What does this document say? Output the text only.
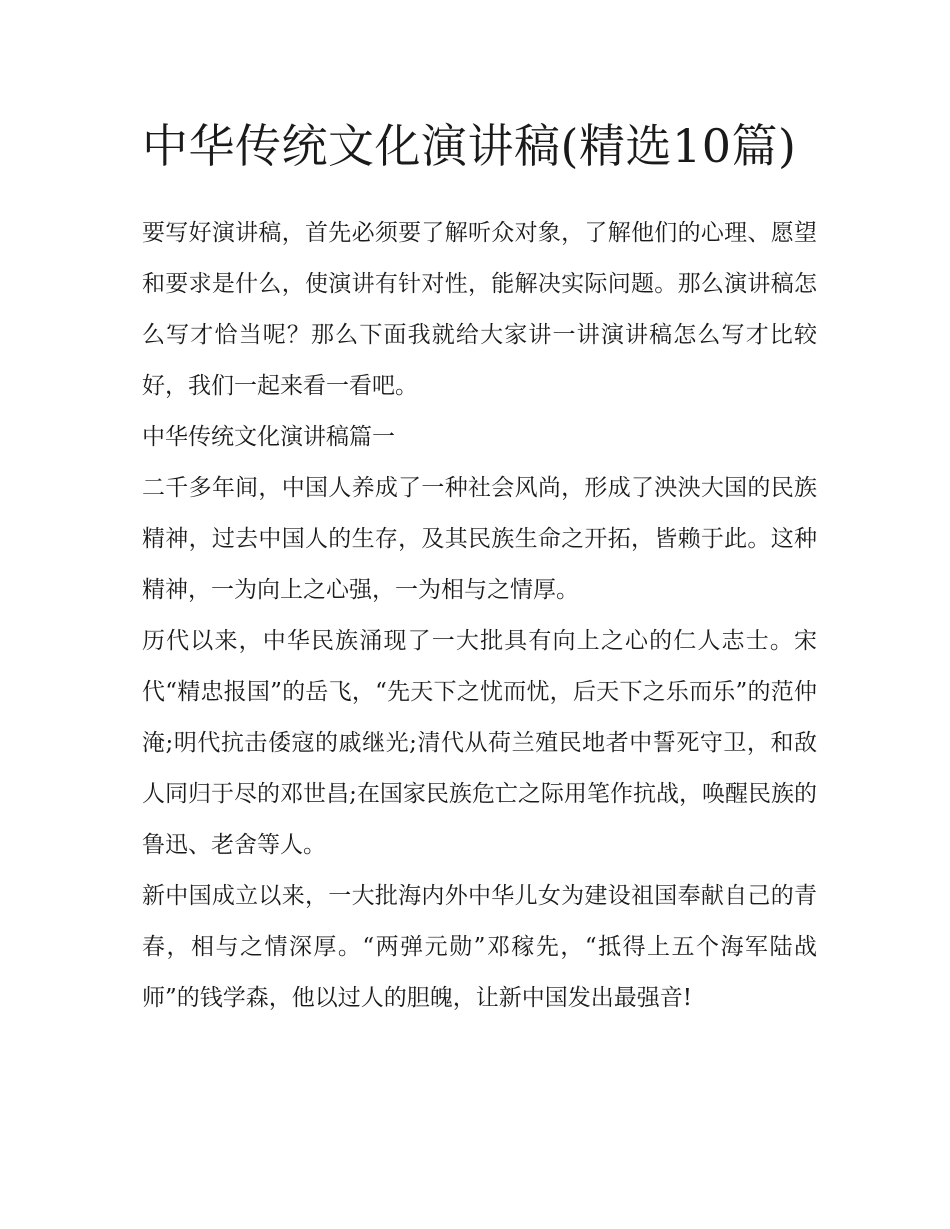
中华传统文化演讲稿(精选10篇)

要写好演讲稿，首先必须要了解听众对象，了解他们的心理、愿望和要求是什么，使演讲有针对性，能解决实际问题。那么演讲稿怎么写才恰当呢？那么下面我就给大家讲一讲演讲稿怎么写才比较好，我们一起来看一看吧。

中华传统文化演讲稿篇一

二千多年间，中国人养成了一种社会风尚，形成了泱泱大国的民族精神，过去中国人的生存，及其民族生命之开拓，皆赖于此。这种精神，一为向上之心强，一为相与之情厚。

历代以来，中华民族涌现了一大批具有向上之心的仁人志士。宋代“精忠报国”的岳飞，“先天下之忧而忧，后天下之乐而乐”的范仲淹;明代抗击倭寇的戚继光;清代从荷兰殖民地者中誓死守卫，和敌人同归于尽的邓世昌;在国家民族危亡之际用笔作抗战，唤醒民族的鲁迅、老舍等人。

新中国成立以来，一大批海内外中华儿女为建设祖国奉献自己的青春，相与之情深厚。“两弹元勋”邓稼先，“抵得上五个海军陆战师”的钱学森，他以过人的胆魄，让新中国发出最强音!
